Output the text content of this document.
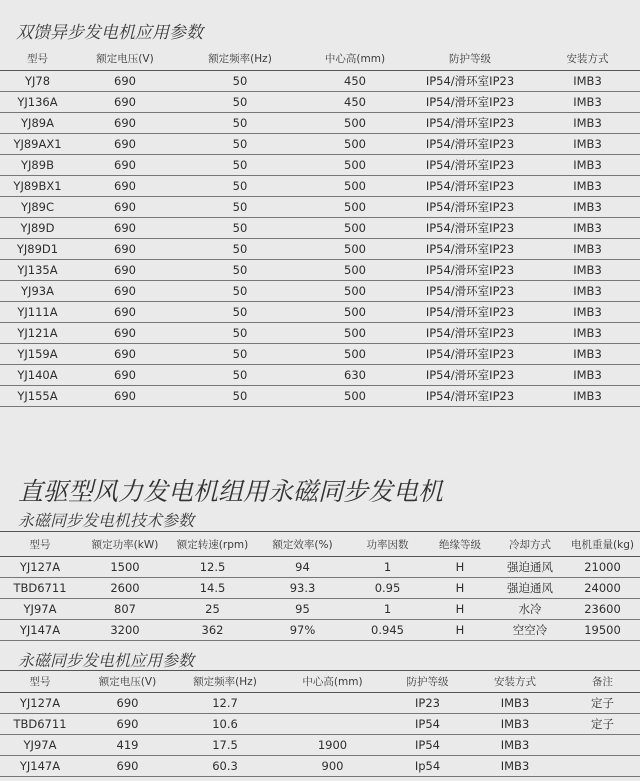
双馈异步发电机应用参数
型号	额定电压(V)	额定频率(Hz)	中心高(mm)	防护等级	安装方式
YJ78	690	50	450	IP54/滑环室IP23	IMB3
YJ136A	690	50	450	IP54/滑环室IP23	IMB3
YJ89A	690	50	500	IP54/滑环室IP23	IMB3
YJ89AX1	690	50	500	IP54/滑环室IP23	IMB3
YJ89B	690	50	500	IP54/滑环室IP23	IMB3
YJ89BX1	690	50	500	IP54/滑环室IP23	IMB3
YJ89C	690	50	500	IP54/滑环室IP23	IMB3
YJ89D	690	50	500	IP54/滑环室IP23	IMB3
YJ89D1	690	50	500	IP54/滑环室IP23	IMB3
YJ135A	690	50	500	IP54/滑环室IP23	IMB3
YJ93A	690	50	500	IP54/滑环室IP23	IMB3
YJ111A	690	50	500	IP54/滑环室IP23	IMB3
YJ121A	690	50	500	IP54/滑环室IP23	IMB3
YJ159A	690	50	500	IP54/滑环室IP23	IMB3
YJ140A	690	50	630	IP54/滑环室IP23	IMB3
YJ155A	690	50	500	IP54/滑环室IP23	IMB3
直驱型风力发电机组用永磁同步发电机
永磁同步发电机技术参数
型号	额定功率(kW)	额定转速(rpm)	额定效率(%)	功率因数	绝缘等级	冷却方式	电机重量(kg)
YJ127A	1500	12.5	94	1	H	强迫通风	21000
TBD6711	2600	14.5	93.3	0.95	H	强迫通风	24000
YJ97A	807	25	95	1	H	水冷	23600
YJ147A	3200	362	97%	0.945	H	空空冷	19500
永磁同步发电机应用参数
型号	额定电压(V)	额定频率(Hz)	中心高(mm)	防护等级	安装方式	备注
YJ127A	690	12.7		IP23	IMB3	定子
TBD6711	690	10.6		IP54	IMB3	定子
YJ97A	419	17.5	1900	IP54	IMB3	
YJ147A	690	60.3	900	Ip54	IMB3	
